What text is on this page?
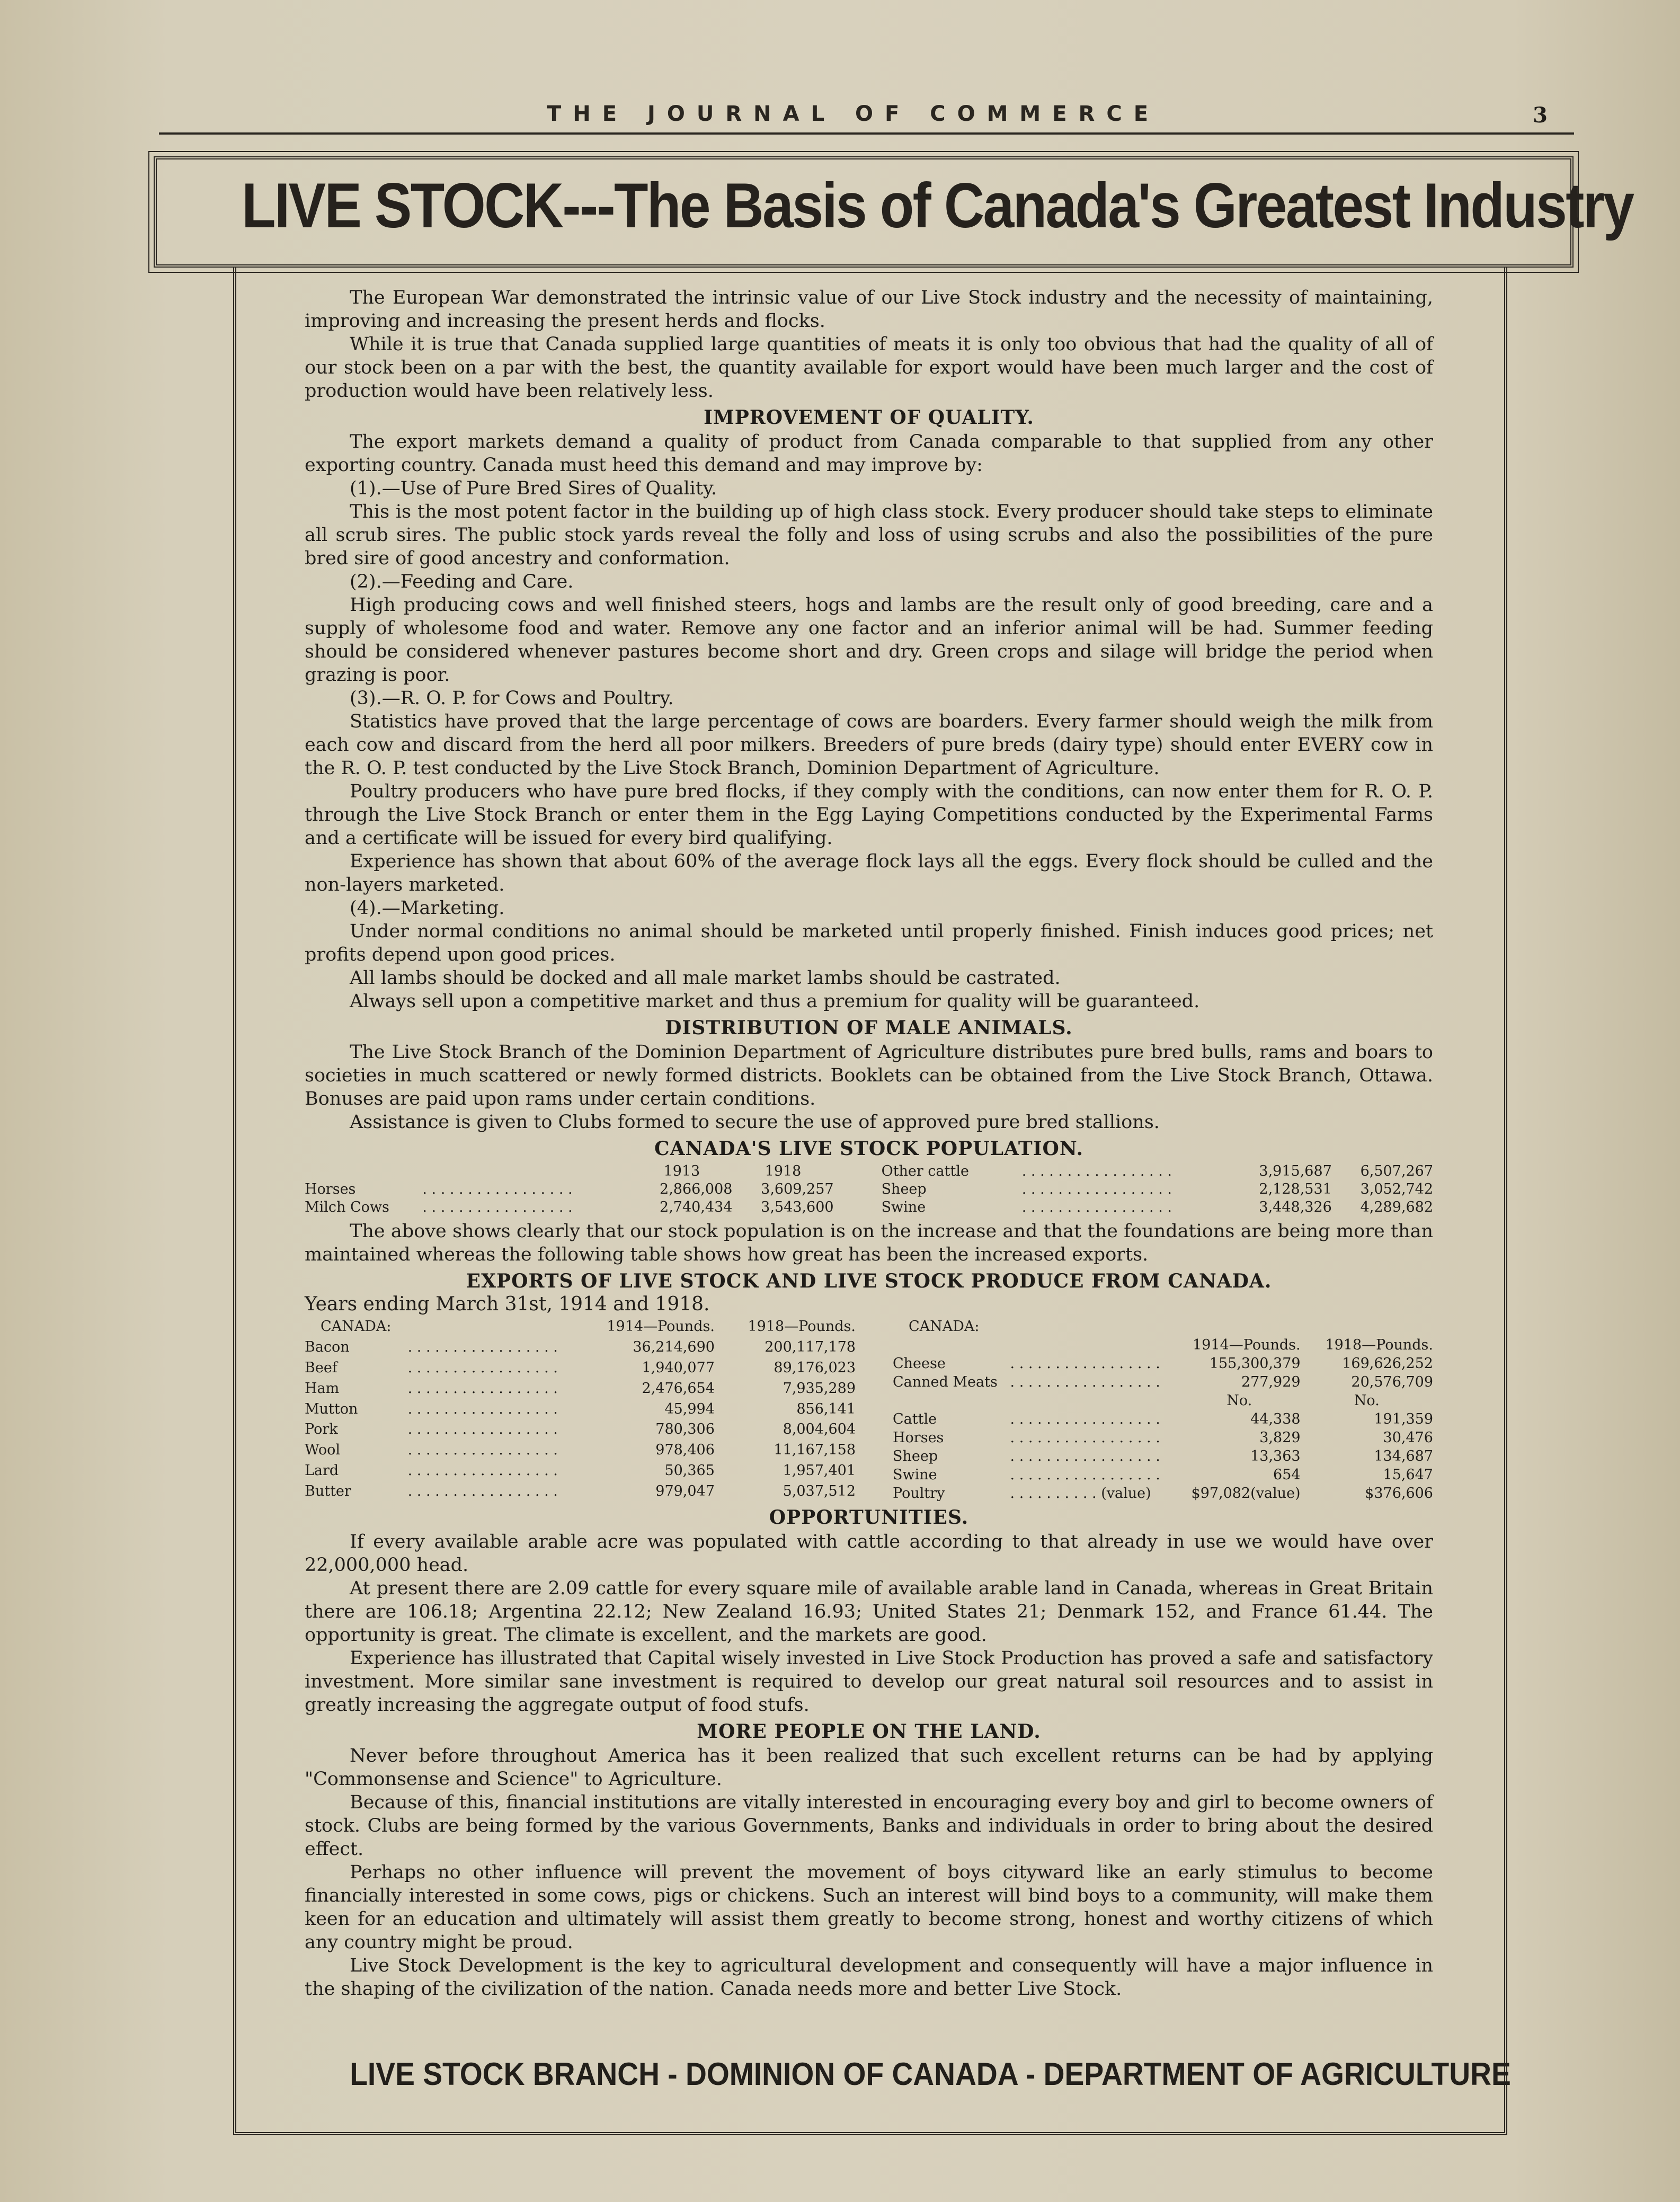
THE JOURNAL OF COMMERCE	3
LIVE STOCK---The Basis of Canada's Greatest Industry

The European War demonstrated the intrinsic value of our Live Stock industry and the necessity of maintaining, improving and increasing the present herds and flocks.

While it is true that Canada supplied large quantities of meats it is only too obvious that had the quality of all of our stock been on a par with the best, the quantity available for export would have been much larger and the cost of production would have been relatively less.

IMPROVEMENT OF QUALITY.

The export markets demand a quality of product from Canada comparable to that supplied from any other exporting country. Canada must heed this demand and may improve by:

(1).—Use of Pure Bred Sires of Quality.

This is the most potent factor in the building up of high class stock. Every producer should take steps to eliminate all scrub sires. The public stock yards reveal the folly and loss of using scrubs and also the possibilities of the pure bred sire of good ancestry and conformation.

(2).—Feeding and Care.

High producing cows and well finished steers, hogs and lambs are the result only of good breeding, care and a supply of wholesome food and water. Remove any one factor and an inferior animal will be had. Summer feeding should be considered whenever pastures become short and dry. Green crops and silage will bridge the period when grazing is poor.

(3).—R. O. P. for Cows and Poultry.

Statistics have proved that the large percentage of cows are boarders. Every farmer should weigh the milk from each cow and discard from the herd all poor milkers. Breeders of pure breds (dairy type) should enter EVERY cow in the R. O. P. test conducted by the Live Stock Branch, Dominion Department of Agriculture.

Poultry producers who have pure bred flocks, if they comply with the conditions, can now enter them for R. O. P. through the Live Stock Branch or enter them in the Egg Laying Competitions conducted by the Experimental Farms and a certificate will be issued for every bird qualifying.

Experience has shown that about 60% of the average flock lays all the eggs. Every flock should be culled and the non-layers marketed.

(4).—Marketing.

Under normal conditions no animal should be marketed until properly finished. Finish induces good prices; net profits depend upon good prices.

All lambs should be docked and all male market lambs should be castrated.

Always sell upon a competitive market and thus a premium for quality will be guaranteed.

DISTRIBUTION OF MALE ANIMALS.

The Live Stock Branch of the Dominion Department of Agriculture distributes pure bred bulls, rams and boars to societies in much scattered or newly formed districts. Booklets can be obtained from the Live Stock Branch, Ottawa. Bonuses are paid upon rams under certain conditions.

Assistance is given to Clubs formed to secure the use of approved pure bred stallions.

CANADA'S LIVE STOCK POPULATION.
		1913	1918	Other cattle	. . . . . . . . . . . . . . . . .	3,915,687	6,507,267
Horses	. . . . . . . . . . . . . . . . .	2,866,008	3,609,257	Sheep	. . . . . . . . . . . . . . . . .	2,128,531	3,052,742
Milch Cows	. . . . . . . . . . . . . . . . .	2,740,434	3,543,600	Swine	. . . . . . . . . . . . . . . . .	3,448,326	4,289,682

The above shows clearly that our stock population is on the increase and that the foundations are being more than maintained whereas the following table shows how great has been the increased exports.

EXPORTS OF LIVE STOCK AND LIVE STOCK PRODUCE FROM CANADA.

Years ending March 31st, 1914 and 1918.

CANADA:		1914—Pounds.	1918—Pounds.
Bacon	. . . . . . . . . . . . . . . . .	36,214,690	200,117,178
Beef	. . . . . . . . . . . . . . . . .	1,940,077	89,176,023
Ham	. . . . . . . . . . . . . . . . .	2,476,654	7,935,289
Mutton	. . . . . . . . . . . . . . . . .	45,994	856,141
Pork	. . . . . . . . . . . . . . . . .	780,306	8,004,604
Wool	. . . . . . . . . . . . . . . . .	978,406	11,167,158
Lard	. . . . . . . . . . . . . . . . .	50,365	1,957,401
Butter	. . . . . . . . . . . . . . . . .	979,047	5,037,512
CANADA:			
		1914—Pounds.	1918—Pounds.
Cheese	. . . . . . . . . . . . . . . . .	155,300,379	169,626,252
Canned Meats	. . . . . . . . . . . . . . . . .	277,929	20,576,709
		No.	No.
Cattle	. . . . . . . . . . . . . . . . .	44,338	191,359
Horses	. . . . . . . . . . . . . . . . .	3,829	30,476
Sheep	. . . . . . . . . . . . . . . . .	13,363	134,687
Swine	. . . . . . . . . . . . . . . . .	654	15,647
Poultry	. . . . . . . . . . (value)	$97,082(value)	$376,606
OPPORTUNITIES.

If every available arable acre was populated with cattle according to that already in use we would have over 22,000,000 head.

At present there are 2.09 cattle for every square mile of available arable land in Canada, whereas in Great Britain there are 106.18; Argentina 22.12; New Zealand 16.93; United States 21; Denmark 152, and France 61.44. The opportunity is great. The climate is excellent, and the markets are good.

Experience has illustrated that Capital wisely invested in Live Stock Production has proved a safe and satisfactory investment. More similar sane investment is required to develop our great natural soil resources and to assist in greatly increasing the aggregate output of food stufs.

MORE PEOPLE ON THE LAND.

Never before throughout America has it been realized that such excellent returns can be had by applying "Commonsense and Science" to Agriculture.

Because of this, financial institutions are vitally interested in encouraging every boy and girl to become owners of stock. Clubs are being formed by the various Governments, Banks and individuals in order to bring about the desired effect.

Perhaps no other influence will prevent the movement of boys cityward like an early stimulus to become financially interested in some cows, pigs or chickens. Such an interest will bind boys to a community, will make them keen for an education and ultimately will assist them greatly to become strong, honest and worthy citizens of which any country might be proud.

Live Stock Development is the key to agricultural development and consequently will have a major influence in the shaping of the civilization of the nation. Canada needs more and better Live Stock.

LIVE STOCK BRANCH - DOMINION OF CANADA - DEPARTMENT OF AGRICULTURE
